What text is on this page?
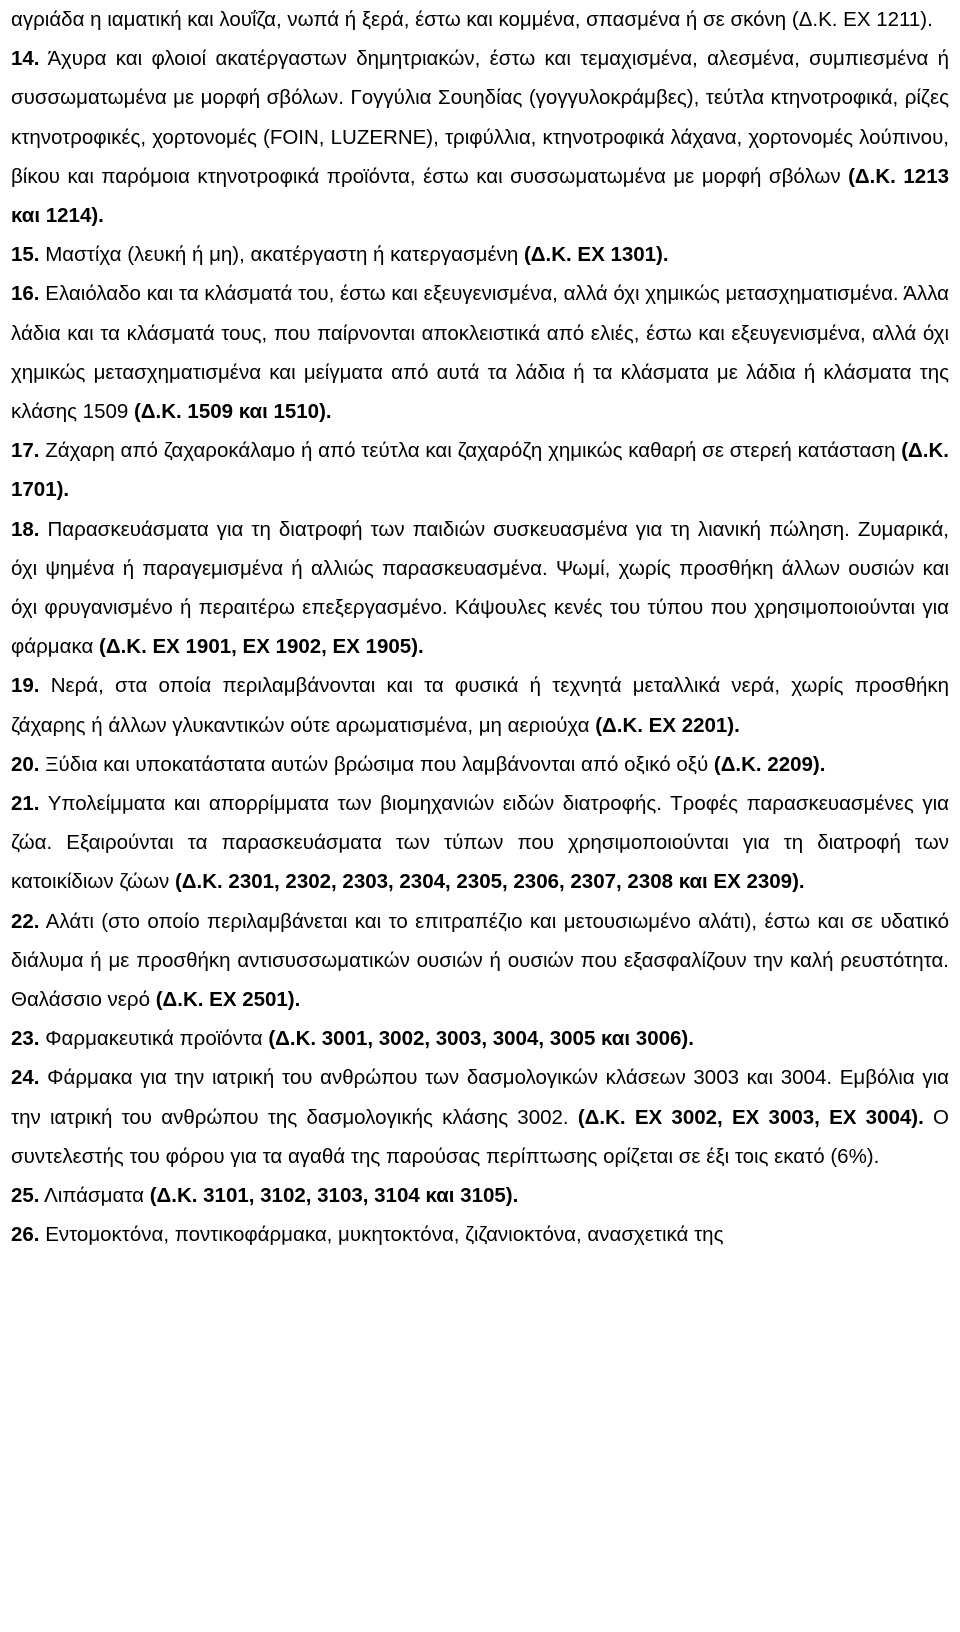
αγριάδα η ιαματική και λουΐζα, νωπά ή ξερά, έστω και κομμένα, σπασμένα ή σε σκόνη (Δ.Κ. ΕΧ 1211).

14. Άχυρα και φλοιοί ακατέργαστων δημητριακών, έστω και τεμαχισμένα, αλεσμένα, συμπιεσμένα ή συσσωματωμένα με μορφή σβόλων. Γογγύλια Σουηδίας (γογγυλοκράμβες), τεύτλα κτηνοτροφικά, ρίζες κτηνοτροφικές, χορτονομές (FOIN, LUZERNE), τριφύλλια, κτηνοτροφικά λάχανα, χορτονομές λούπινου, βίκου και παρόμοια κτηνοτροφικά προϊόντα, έστω και συσσωματωμένα με μορφή σβόλων (Δ.Κ. 1213 και 1214).

15. Μαστίχα (λευκή ή μη), ακατέργαστη ή κατεργασμένη (Δ.Κ. ΕΧ 1301).

16. Ελαιόλαδο και τα κλάσματά του, έστω και εξευγενισμένα, αλλά όχι χημικώς μετασχηματισμένα. Άλλα λάδια και τα κλάσματά τους, που παίρνονται αποκλειστικά από ελιές, έστω και εξευγενισμένα, αλλά όχι χημικώς μετασχηματισμένα και μείγματα από αυτά τα λάδια ή τα κλάσματα με λάδια ή κλάσματα της κλάσης 1509 (Δ.Κ. 1509 και 1510).

17. Ζάχαρη από ζαχαροκάλαμο ή από τεύτλα και ζαχαρόζη χημικώς καθαρή σε στερεή κατάσταση (Δ.Κ. 1701).

18. Παρασκευάσματα για τη διατροφή των παιδιών συσκευασμένα για τη λιανική πώληση. Ζυμαρικά, όχι ψημένα ή παραγεμισμένα ή αλλιώς παρασκευασμένα. Ψωμί, χωρίς προσθήκη άλλων ουσιών και όχι φρυγανισμένο ή περαιτέρω επεξεργασμένο. Κάψουλες κενές του τύπου που χρησιμοποιούνται για φάρμακα (Δ.Κ. ΕΧ 1901, ΕΧ 1902, ΕΧ 1905).

19. Νερά, στα οποία περιλαμβάνονται και τα φυσικά ή τεχνητά μεταλλικά νερά, χωρίς προσθήκη ζάχαρης ή άλλων γλυκαντικών ούτε αρωματισμένα, μη αεριούχα (Δ.Κ. ΕΧ 2201).

20. Ξύδια και υποκατάστατα αυτών βρώσιμα που λαμβάνονται από οξικό οξύ (Δ.Κ. 2209).

21. Υπολείμματα και απορρίμματα των βιομηχανιών ειδών διατροφής. Τροφές παρασκευασμένες για ζώα. Εξαιρούνται τα παρασκευάσματα των τύπων που χρησιμοποιούνται για τη διατροφή των κατοικίδιων ζώων (Δ.Κ. 2301, 2302, 2303, 2304, 2305, 2306, 2307, 2308 και ΕΧ 2309).

22. Αλάτι (στο οποίο περιλαμβάνεται και το επιτραπέζιο και μετουσιωμένο αλάτι), έστω και σε υδατικό διάλυμα ή με προσθήκη αντισυσσωματικών ουσιών ή ουσιών που εξασφαλίζουν την καλή ρευστότητα. Θαλάσσιο νερό (Δ.Κ. ΕΧ 2501).

23. Φαρμακευτικά προϊόντα (Δ.Κ. 3001, 3002, 3003, 3004, 3005 και 3006).

24. Φάρμακα για την ιατρική του ανθρώπου των δασμολογικών κλάσεων 3003 και 3004. Εμβόλια για την ιατρική του ανθρώπου της δασμολογικής κλάσης 3002. (Δ.Κ. ΕΧ 3002, ΕΧ 3003, ΕΧ 3004). Ο συντελεστής του φόρου για τα αγαθά της παρούσας περίπτωσης ορίζεται σε έξι τοις εκατό (6%).

25. Λιπάσματα (Δ.Κ. 3101, 3102, 3103, 3104 και 3105).

26. Εντομοκτόνα, ποντικοφάρμακα, μυκητοκτόνα, ζιζανιοκτόνα, ανασχετικά της
